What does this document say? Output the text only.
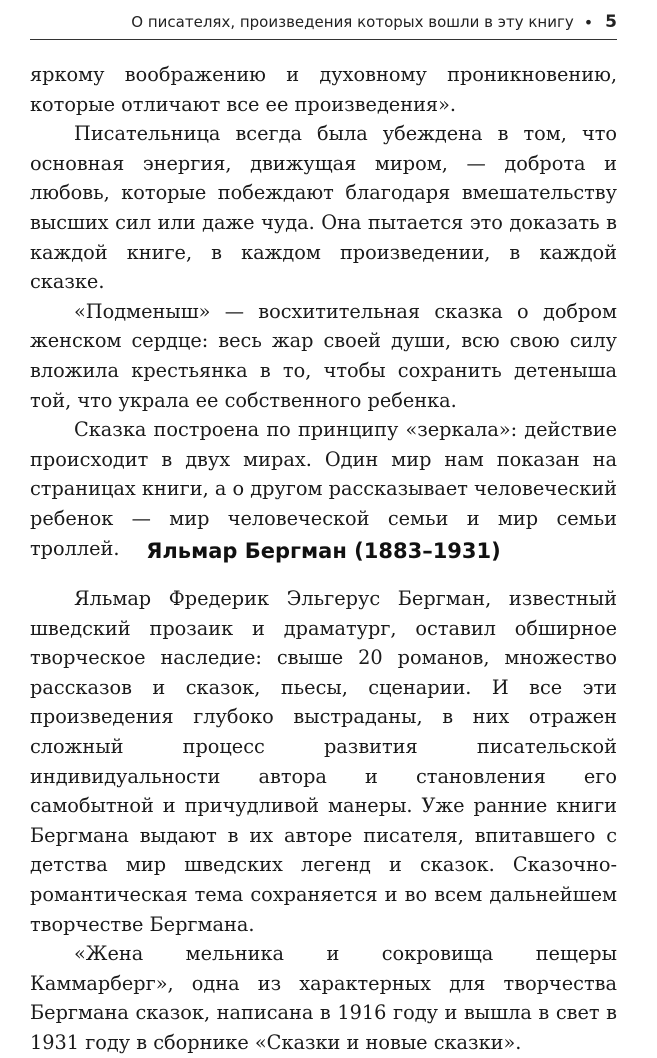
О писателях, произведения которых вошли в эту книгу • 5

яркому воображению и духовному проникновению, которые отличают все ее произведения».

Писательница всегда была убеждена в том, что основная энергия, движущая миром, — доброта и любовь, которые побеждают благодаря вмешательству высших сил или даже чуда. Она пытается это доказать в каждой книге, в каждом произведении, в каждой сказке.

«Подменыш» — восхитительная сказка о добром женском сердце: весь жар своей души, всю свою силу вложила крестьянка в то, чтобы сохранить детеныша той, что украла ее собственного ребенка.

Сказка построена по принципу «зеркала»: действие происходит в двух мирах. Один мир нам показан на страницах книги, а о другом рассказывает человеческий ребенок — мир человеческой семьи и мир семьи троллей.	Яльмар Бергман (1883–1931)

Яльмар Фредерик Эльгерус Бергман, известный шведский прозаик и драматург, оставил обширное творческое наследие: свыше 20 романов, множество рассказов и сказок, пьесы, сценарии. И все эти произведения глубоко выстраданы, в них отражен сложный процесс развития писательской индивидуальности автора и становления его самобытной и причудливой манеры. Уже ранние книги Бергмана выдают в их авторе писателя, впитавшего с детства мир шведских легенд и сказок. Сказочно-романтическая тема сохраняется и во всем дальнейшем творчестве Бергмана.

«Жена мельника и сокровища пещеры Каммарберг», одна из характерных для творчества Бергмана сказок, написана в 1916 году и вышла в свет в 1931 году в сборнике «Сказки и новые сказки».
